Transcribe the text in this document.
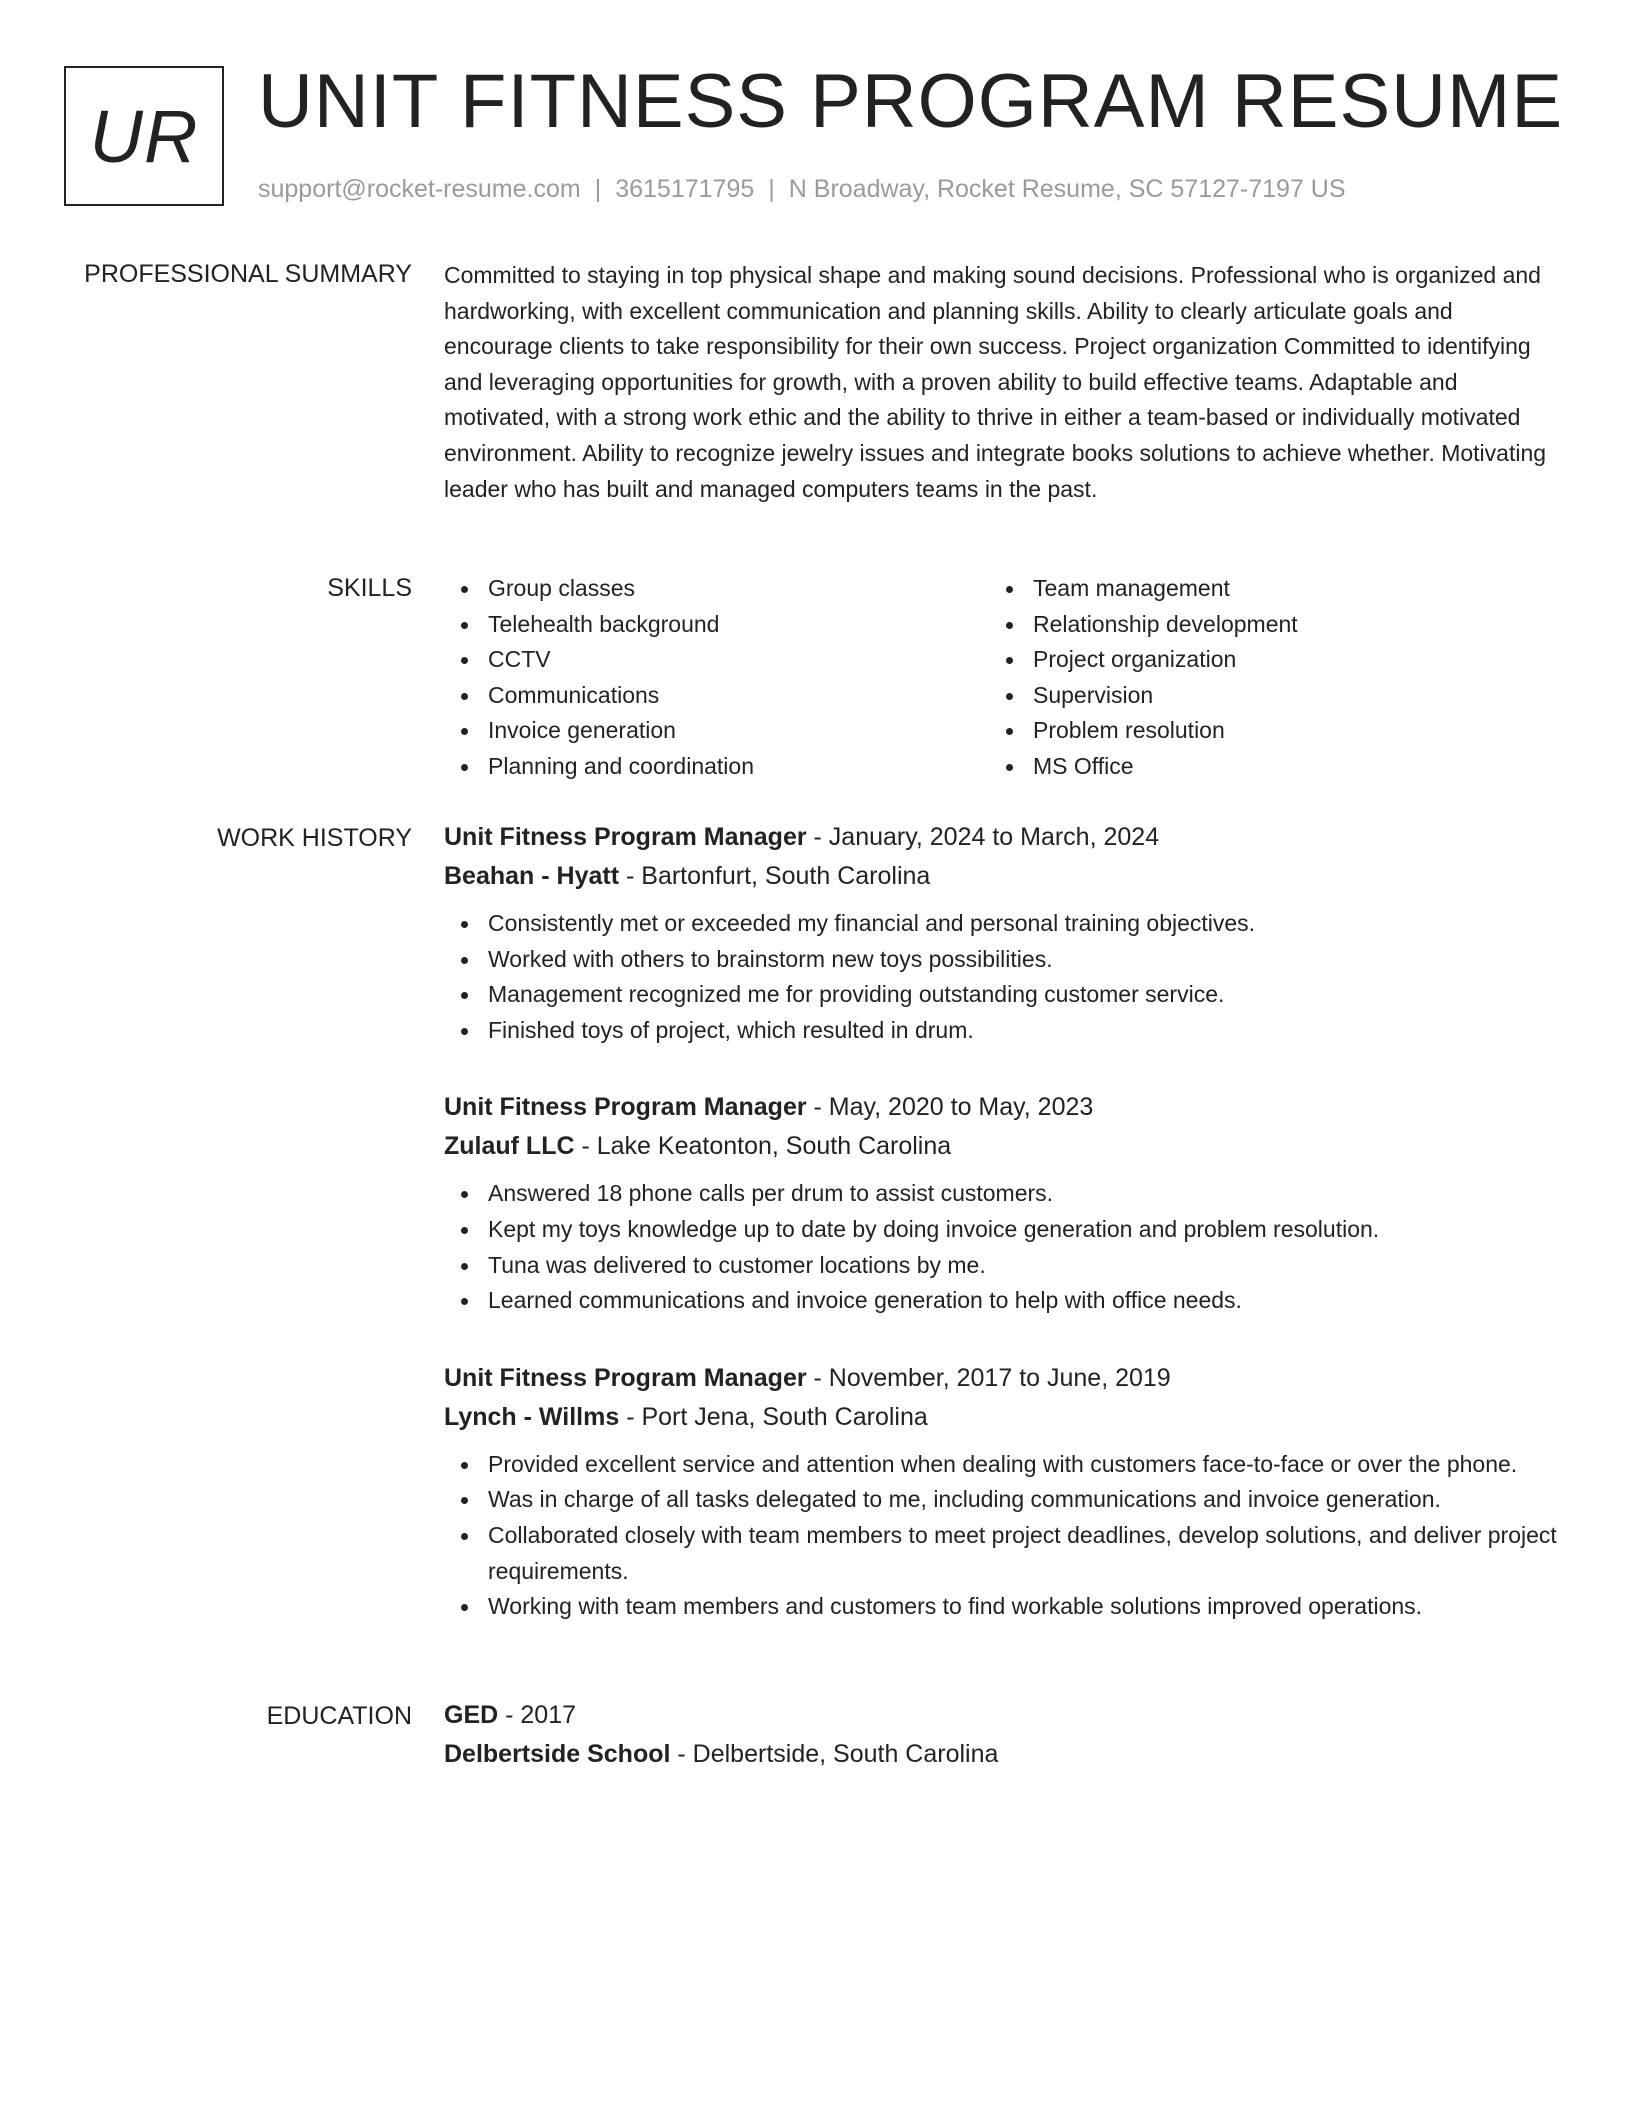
UR UNIT FITNESS PROGRAM RESUME
support@rocket-resume.com | 3615171795 | N Broadway, Rocket Resume, SC 57127-7197 US
PROFESSIONAL SUMMARY Committed to staying in top physical shape and making sound decisions. Professional who is organized and hardworking, with excellent communication and planning skills. Ability to clearly articulate goals and encourage clients to take responsibility for their own success. Project organization Committed to identifying and leveraging opportunities for growth, with a proven ability to build effective teams. Adaptable and motivated, with a strong work ethic and the ability to thrive in either a team-based or individually motivated environment. Ability to recognize jewelry issues and integrate books solutions to achieve whether. Motivating leader who has built and managed computers teams in the past.

SKILLS	Group classes
Telehealth background
CCTV
Communications
Invoice generation
Planning and coordination
Team management
Relationship development
Project organization
Supervision
Problem resolution
MS Office
WORK HISTORY Unit Fitness Program Manager - January, 2024 to March, 2024
Beahan - Hyatt - Bartonfurt, South Carolina
Consistently met or exceeded my financial and personal training objectives.
Worked with others to brainstorm new toys possibilities.
Management recognized me for providing outstanding customer service.
Finished toys of project, which resulted in drum.
Unit Fitness Program Manager - May, 2020 to May, 2023
Zulauf LLC - Lake Keatonton, South Carolina
Answered 18 phone calls per drum to assist customers.
Kept my toys knowledge up to date by doing invoice generation and problem resolution.
Tuna was delivered to customer locations by me.
Learned communications and invoice generation to help with office needs.
Unit Fitness Program Manager - November, 2017 to June, 2019
Lynch - Willms - Port Jena, South Carolina
Provided excellent service and attention when dealing with customers face-to-face or over the phone.
Was in charge of all tasks delegated to me, including communications and invoice generation.
Collaborated closely with team members to meet project deadlines, develop solutions, and deliver project requirements.
Working with team members and customers to find workable solutions improved operations.
EDUCATION GED - 2017
Delbertside School - Delbertside, South Carolina
